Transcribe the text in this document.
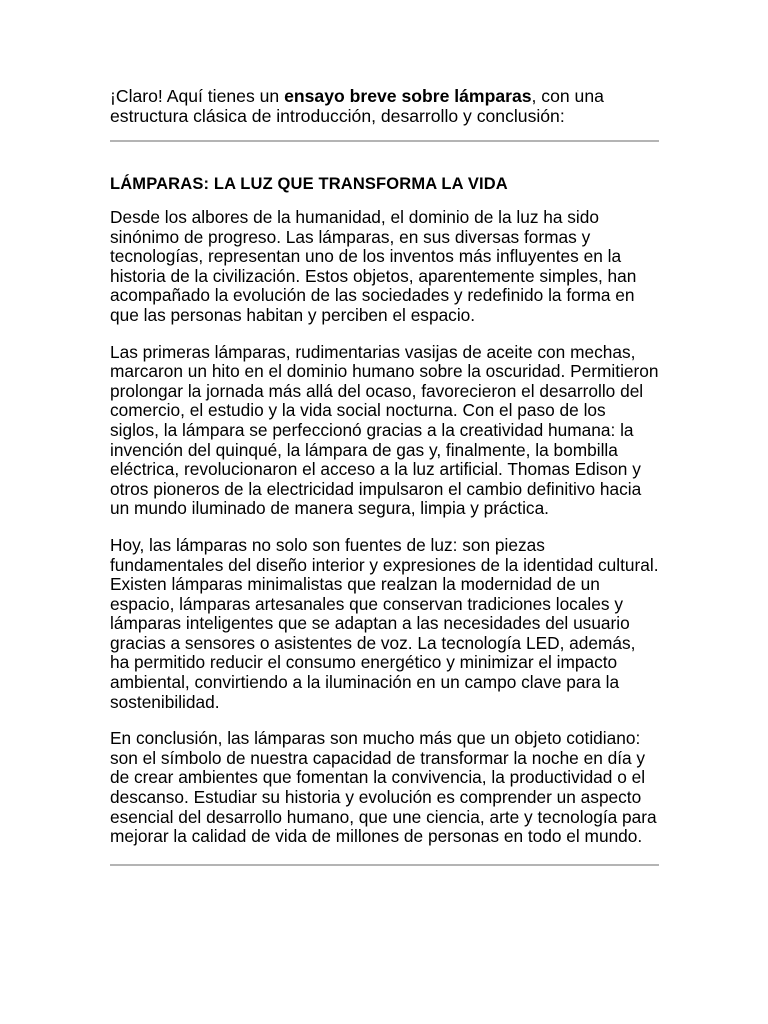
¡Claro! Aquí tienes un ensayo breve sobre lámparas, con una estructura clásica de introducción, desarrollo y conclusión:

LÁMPARAS: LA LUZ QUE TRANSFORMA LA VIDA

Desde los albores de la humanidad, el dominio de la luz ha sido sinónimo de progreso. Las lámparas, en sus diversas formas y tecnologías, representan uno de los inventos más influyentes en la historia de la civilización. Estos objetos, aparentemente simples, han acompañado la evolución de las sociedades y redefinido la forma en que las personas habitan y perciben el espacio.

Las primeras lámparas, rudimentarias vasijas de aceite con mechas, marcaron un hito en el dominio humano sobre la oscuridad. Permitieron prolongar la jornada más allá del ocaso, favorecieron el desarrollo del comercio, el estudio y la vida social nocturna. Con el paso de los siglos, la lámpara se perfeccionó gracias a la creatividad humana: la invención del quinqué, la lámpara de gas y, finalmente, la bombilla eléctrica, revolucionaron el acceso a la luz artificial. Thomas Edison y otros pioneros de la electricidad impulsaron el cambio definitivo hacia un mundo iluminado de manera segura, limpia y práctica.

Hoy, las lámparas no solo son fuentes de luz: son piezas fundamentales del diseño interior y expresiones de la identidad cultural. Existen lámparas minimalistas que realzan la modernidad de un espacio, lámparas artesanales que conservan tradiciones locales y lámparas inteligentes que se adaptan a las necesidades del usuario gracias a sensores o asistentes de voz. La tecnología LED, además, ha permitido reducir el consumo energético y minimizar el impacto ambiental, convirtiendo a la iluminación en un campo clave para la sostenibilidad.

En conclusión, las lámparas son mucho más que un objeto cotidiano: son el símbolo de nuestra capacidad de transformar la noche en día y de crear ambientes que fomentan la convivencia, la productividad o el descanso. Estudiar su historia y evolución es comprender un aspecto esencial del desarrollo humano, que une ciencia, arte y tecnología para mejorar la calidad de vida de millones de personas en todo el mundo.
